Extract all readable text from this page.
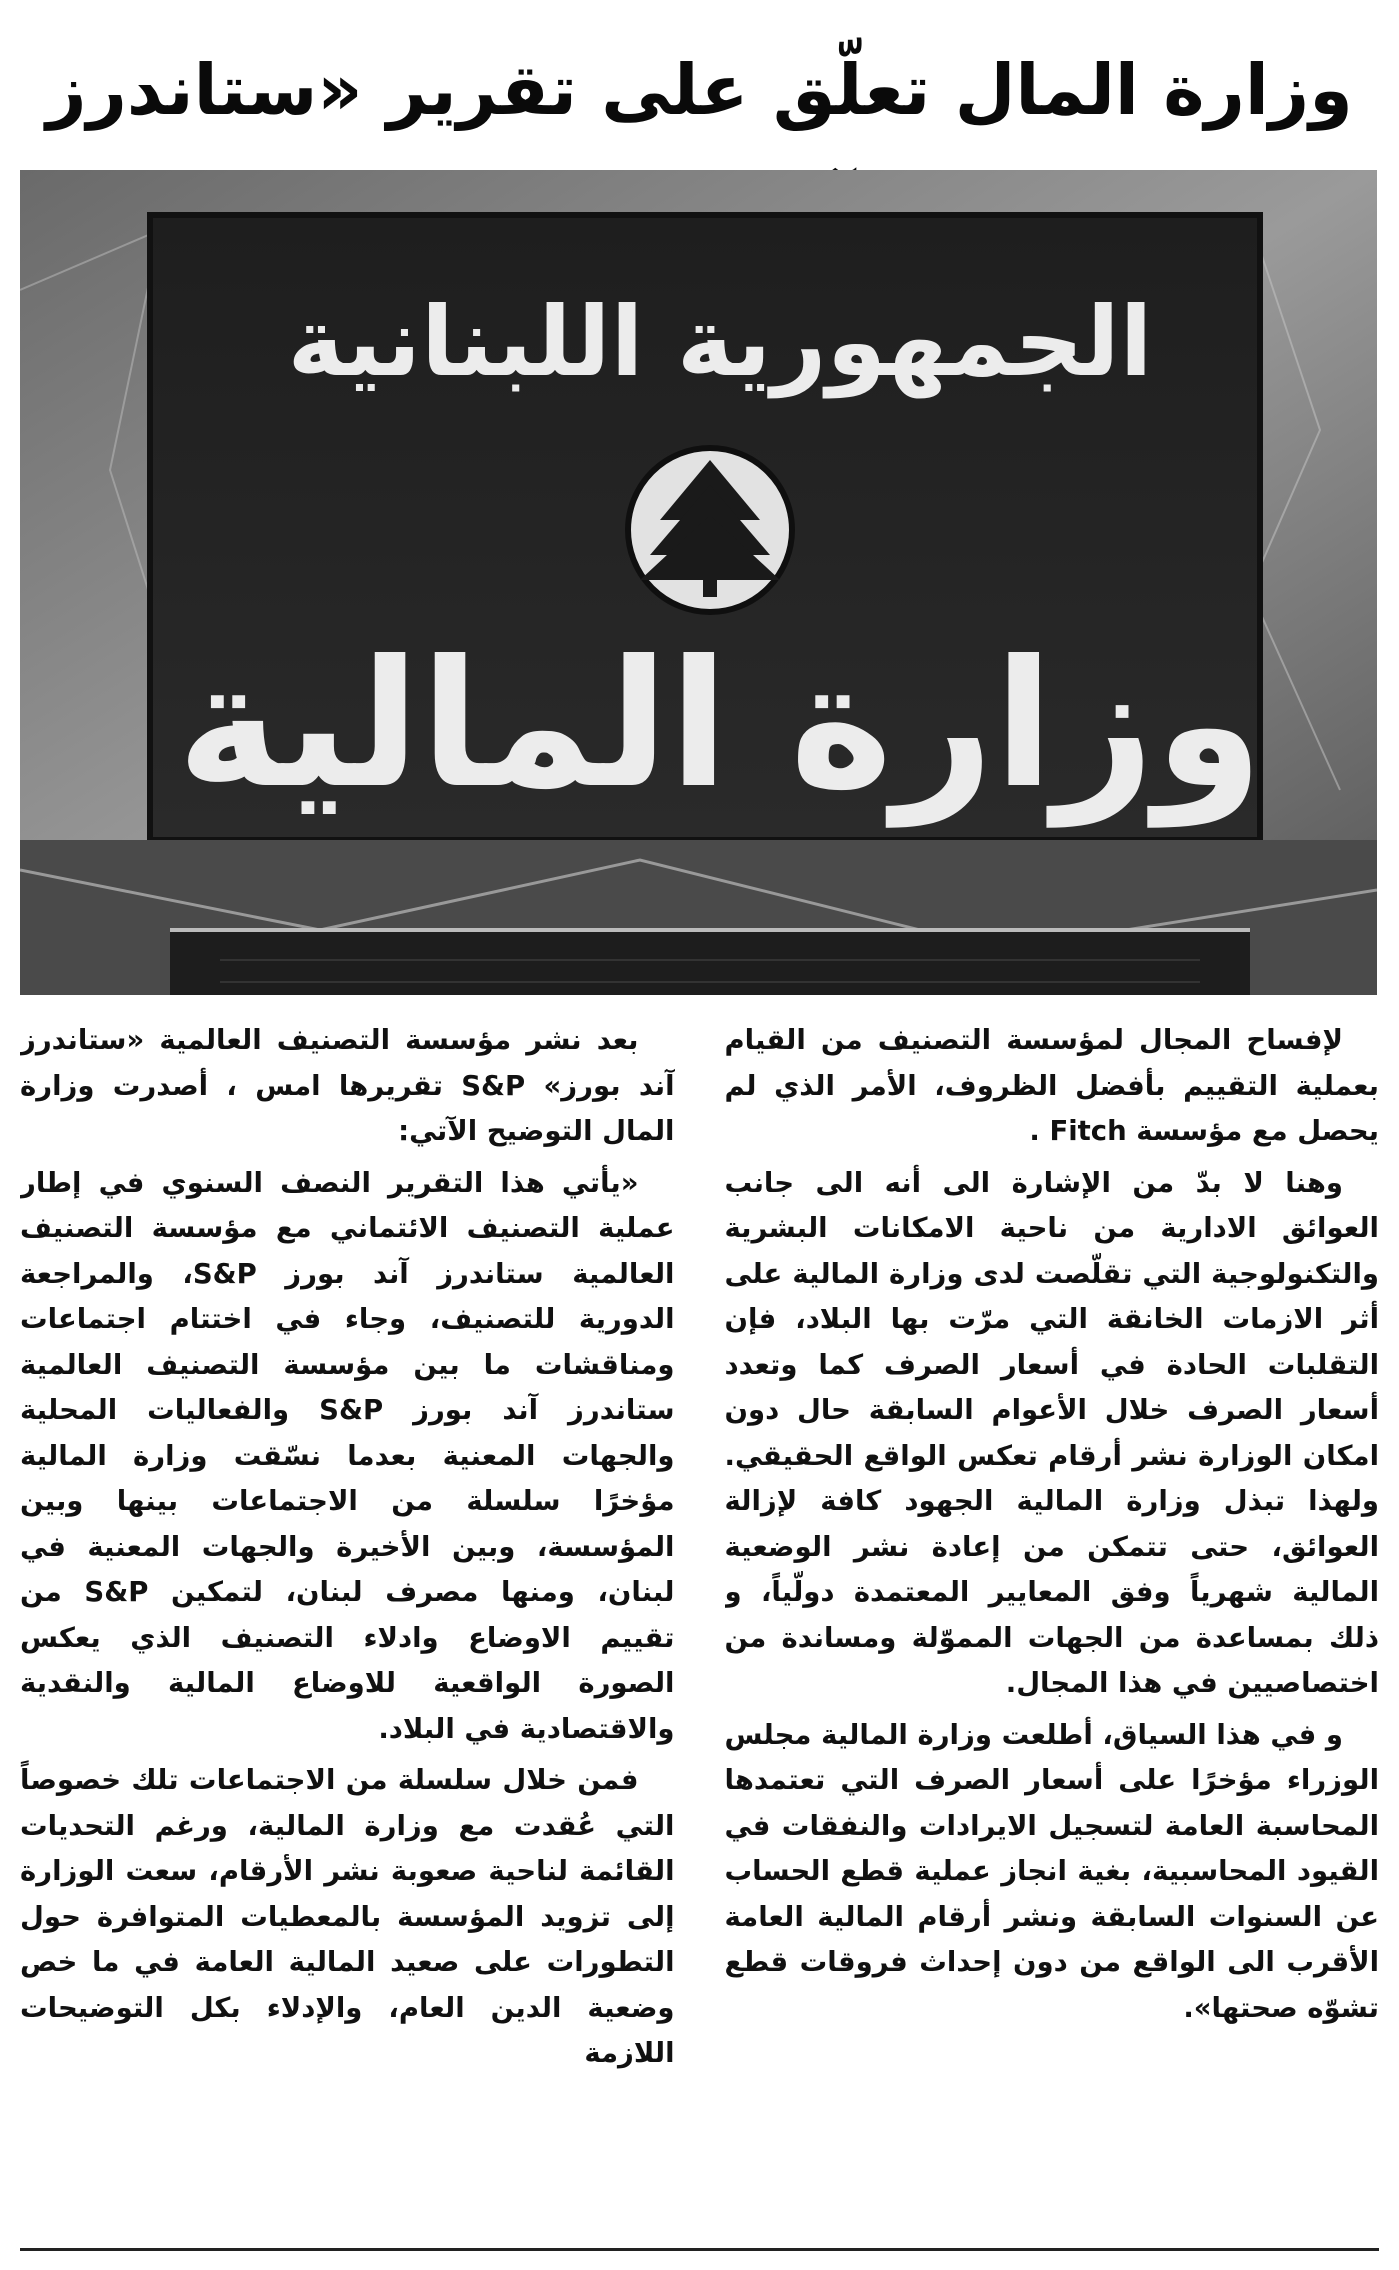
وزارة المال تعلّق على تقرير «ستاندرز
الجمهورية اللبنانية
وزارة المالية

بعد نشر مؤسسة التصنيف العالمية «ستاندرز آند بورز» S&P تقريرها امس ، أصدرت وزارة المال التوضيح الآتي:

«يأتي هذا التقرير النصف السنوي في إطار عملية التصنيف الائتماني مع مؤسسة التصنيف العالمية ستاندرز آند بورز S&P، والمراجعة الدورية للتصنيف، وجاء في اختتام اجتماعات ومناقشات ما بين مؤسسة التصنيف العالمية ستاندرز آند بورز S&P والفعاليات المحلية والجهات المعنية بعدما نسّقت وزارة المالية مؤخرًا سلسلة من الاجتماعات بينها وبين المؤسسة، وبين الأخيرة والجهات المعنية في لبنان، ومنها مصرف لبنان، لتمكين S&P من تقييم الاوضاع وادلاء التصنيف الذي يعكس الصورة الواقعية للاوضاع المالية والنقدية والاقتصادية في البلاد.

فمن خلال سلسلة من الاجتماعات تلك خصوصاً التي عُقدت مع وزارة المالية، ورغم التحديات القائمة لناحية صعوبة نشر الأرقام، سعت الوزارة إلى تزويد المؤسسة بالمعطيات المتوافرة حول التطورات على صعيد المالية العامة في ما خص وضعية الدين العام، والإدلاء بكل التوضيحات اللازمة

لإفساح المجال لمؤسسة التصنيف من القيام بعملية التقييم بأفضل الظروف، الأمر الذي لم يحصل مع مؤسسة Fitch .

وهنا لا بدّ من الإشارة الى أنه الى جانب العوائق الادارية من ناحية الامكانات البشرية والتكنولوجية التي تقلّصت لدى وزارة المالية على أثر الازمات الخانقة التي مرّت بها البلاد، فإن التقلبات الحادة في أسعار الصرف كما وتعدد أسعار الصرف خلال الأعوام السابقة حال دون امكان الوزارة نشر أرقام تعكس الواقع الحقيقي. ولهذا تبذل وزارة المالية الجهود كافة لإزالة العوائق، حتى تتمكن من إعادة نشر الوضعية المالية شهرياً وفق المعايير المعتمدة دولّياً، و ذلك بمساعدة من الجهات المموّلة ومساندة من اختصاصيين في هذا المجال.

و في هذا السياق، أطلعت وزارة المالية مجلس الوزراء مؤخرًا على أسعار الصرف التي تعتمدها المحاسبة العامة لتسجيل الايرادات والنفقات في القيود المحاسبية، بغية انجاز عملية قطع الحساب عن السنوات السابقة ونشر أرقام المالية العامة الأقرب الى الواقع من دون إحداث فروقات قطع تشوّه صحتها».
